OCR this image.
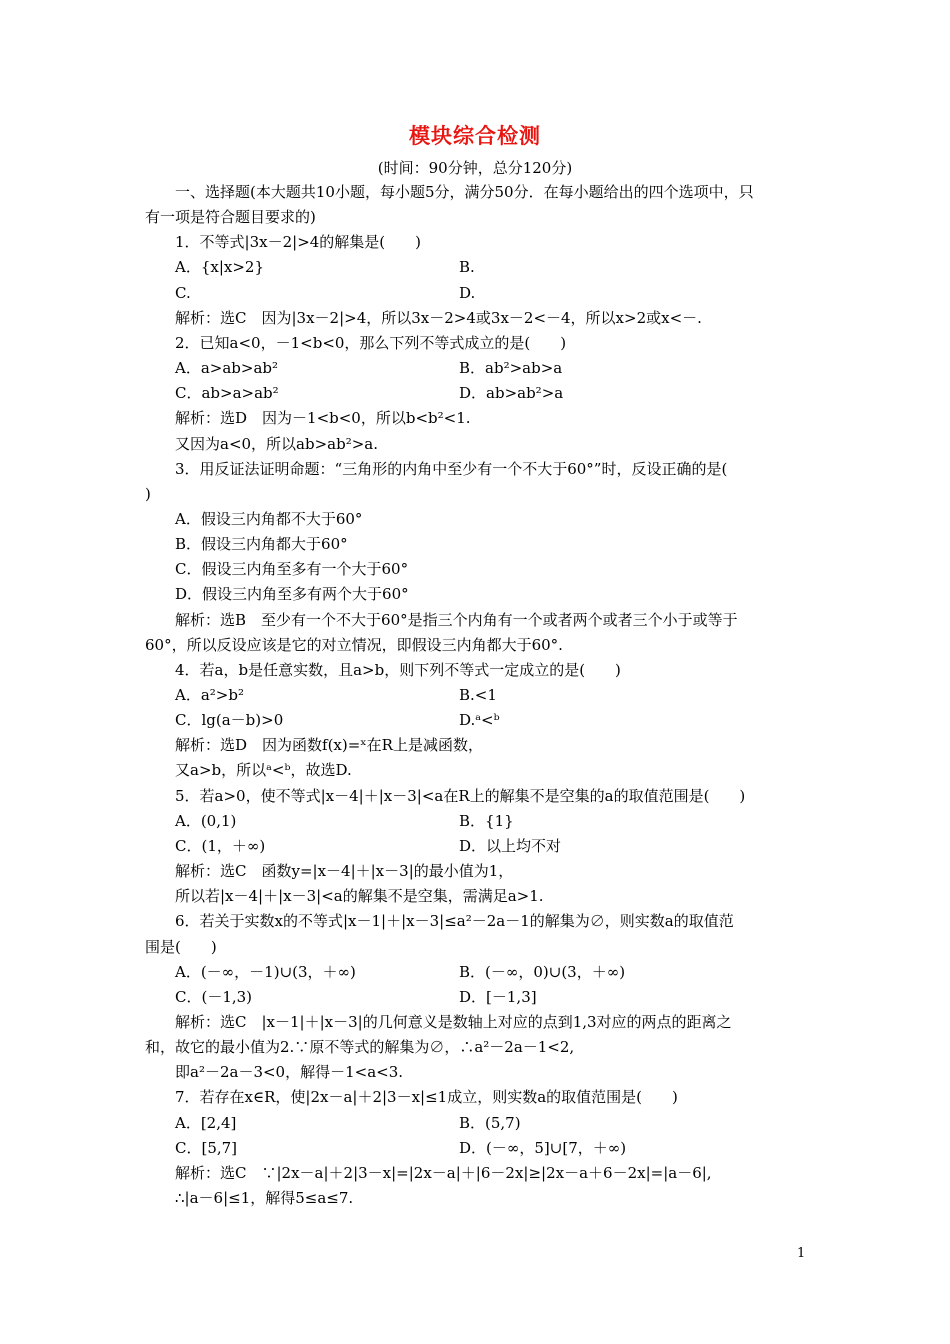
模块综合检测
(时间：90分钟，总分120分)
一、选择题(本大题共10小题，每小题5分，满分50分．在每小题给出的四个选项中，只
有一项是符合题目要求的)
1．不等式|3x－2|>4的解集是(　　)
A．{x|x>2}	B.
C.	D.
解析：选C　因为|3x－2|>4，所以3x－2>4或3x－2<－4，所以x>2或x<－.
2．已知a<0，－1<b<0，那么下列不等式成立的是(　　)
A．a>ab>ab²	B．ab²>ab>a
C．ab>a>ab²	D．ab>ab²>a
解析：选D　因为－1<b<0，所以b<b²<1.
又因为a<0，所以ab>ab²>a.
3．用反证法证明命题：“三角形的内角中至少有一个不大于60°”时，反设正确的是(
)
A．假设三内角都不大于60°
B．假设三内角都大于60°
C．假设三内角至多有一个大于60°
D．假设三内角至多有两个大于60°
解析：选B　至少有一个不大于60°是指三个内角有一个或者两个或者三个小于或等于
60°，所以反设应该是它的对立情况，即假设三内角都大于60°.
4．若a，b是任意实数，且a>b，则下列不等式一定成立的是(　　)
A．a²>b²	B.<1
C．lg(a－b)>0	D.ᵃ<ᵇ
解析：选D　因为函数f(x)=ˣ在R上是减函数，
又a>b，所以ᵃ<ᵇ，故选D.
5．若a>0，使不等式|x－4|＋|x－3|<a在R上的解集不是空集的a的取值范围是(　　)
A．(0,1)	B．{1}
C．(1，＋∞)	D．以上均不对
解析：选C　函数y=|x－4|＋|x－3|的最小值为1，
所以若|x－4|＋|x－3|<a的解集不是空集，需满足a>1.
6．若关于实数x的不等式|x－1|＋|x－3|≤a²－2a－1的解集为∅，则实数a的取值范
围是(　　)
A．(－∞，－1)∪(3，＋∞)	B．(－∞，0)∪(3，＋∞)
C．(－1,3)	D．[－1,3]
解析：选C　|x－1|＋|x－3|的几何意义是数轴上对应的点到1,3对应的两点的距离之
和，故它的最小值为2.∵原不等式的解集为∅，∴a²－2a－1<2,
即a²－2a－3<0，解得－1<a<3.
7．若存在x∈R，使|2x－a|＋2|3－x|≤1成立，则实数a的取值范围是(　　)
A．[2,4]	B．(5,7)
C．[5,7]	D．(－∞，5]∪[7，＋∞)
解析：选C　∵|2x－a|＋2|3－x|=|2x－a|＋|6－2x|≥|2x－a＋6－2x|=|a－6|,
∴|a－6|≤1，解得5≤a≤7.
1
